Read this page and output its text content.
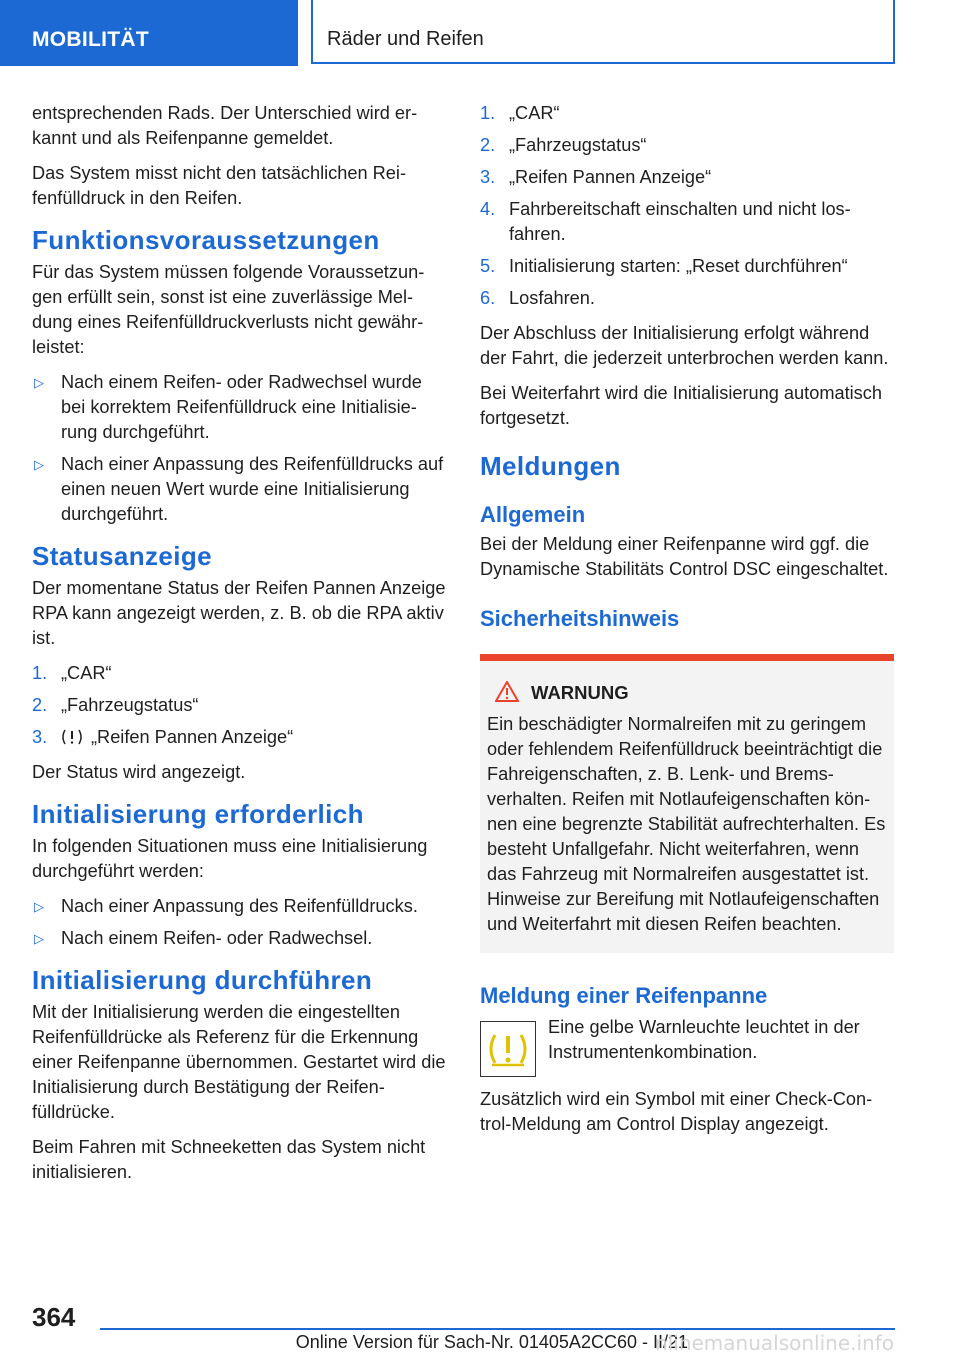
MOBILITÄT	Räder und Reifen

entsprechenden Rads. Der Unterschied wird erkannt und als Reifenpanne gemeldet.

Das System misst nicht den tatsächlichen Reifenfülldruck in den Reifen.

Funktionsvoraussetzungen

Für das System müssen folgende Voraussetzungen erfüllt sein, sonst ist eine zuverlässige Meldung eines Reifenfülldruckverlusts nicht gewährleistet:

▷ Nach einem Reifen- oder Radwechsel wurde bei korrektem Reifenfülldruck eine Initialisierung durchgeführt.
▷ Nach einer Anpassung des Reifenfülldrucks auf einen neuen Wert wurde eine Initialisierung durchgeführt.
Statusanzeige

Der momentane Status der Reifen Pannen Anzeige RPA kann angezeigt werden, z. B. ob die RPA aktiv ist.

1. „CAR“
2. „Fahrzeugstatus“
3. „Reifen Pannen Anzeige“

Der Status wird angezeigt.

Initialisierung erforderlich

In folgenden Situationen muss eine Initialisierung durchgeführt werden:

▷ Nach einer Anpassung des Reifenfülldrucks.
▷ Nach einem Reifen- oder Radwechsel.
Initialisierung durchführen

Mit der Initialisierung werden die eingestellten Reifenfülldrücke als Referenz für die Erkennung einer Reifenpanne übernommen. Gestartet wird die Initialisierung durch Bestätigung der Reifenfülldrücke.

Beim Fahren mit Schneeketten das System nicht initialisieren.

1. „CAR“
2. „Fahrzeugstatus“
3. „Reifen Pannen Anzeige“
4. Fahrbereitschaft einschalten und nicht losfahren.
5. Initialisierung starten: „Reset durchführen“
6. Losfahren.

Der Abschluss der Initialisierung erfolgt während der Fahrt, die jederzeit unterbrochen werden kann.

Bei Weiterfahrt wird die Initialisierung automatisch fortgesetzt.

Meldungen
Allgemein

Bei der Meldung einer Reifenpanne wird ggf. die Dynamische Stabilitäts Control DSC eingeschaltet.

Sicherheitshinweis
WARNUNG

Ein beschädigter Normalreifen mit zu geringem oder fehlendem Reifenfülldruck beeinträchtigt die Fahreigenschaften, z. B. Lenk- und Bremsverhalten. Reifen mit Notlaufeigenschaften können eine begrenzte Stabilität aufrechterhalten. Es besteht Unfallgefahr. Nicht weiterfahren, wenn das Fahrzeug mit Normalreifen ausgestattet ist. Hinweise zur Bereifung mit Notlaufeigenschaften und Weiterfahrt mit diesen Reifen beachten.

Meldung einer Reifenpanne

Eine gelbe Warnleuchte leuchtet in der Instrumentenkombination.

Zusätzlich wird ein Symbol mit einer Check-Control-Meldung am Control Display angezeigt.

364
Online Version für Sach-Nr. 01405A2CC60 - II/21
nlinemanualsonline.info
